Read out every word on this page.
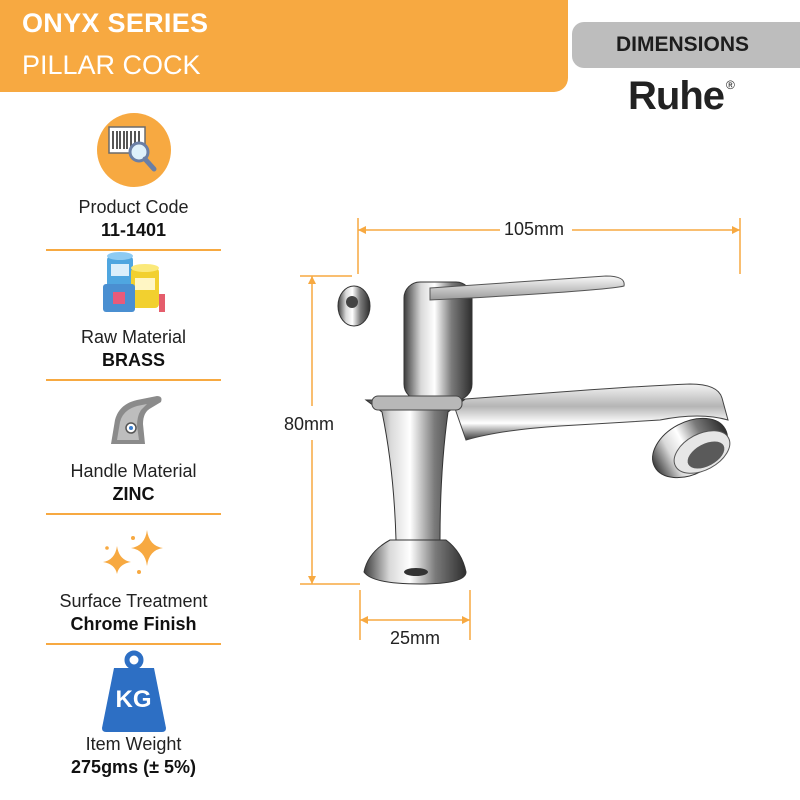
ONYX SERIES
PILLAR COCK
DIMENSIONS
Ruhe ®
Product Code
11-1401
Raw Material
BRASS
Handle Material
ZINC
Surface Treatment
Chrome Finish
KG
Item Weight
275gms (± 5%)
105mm
80mm
25mm
